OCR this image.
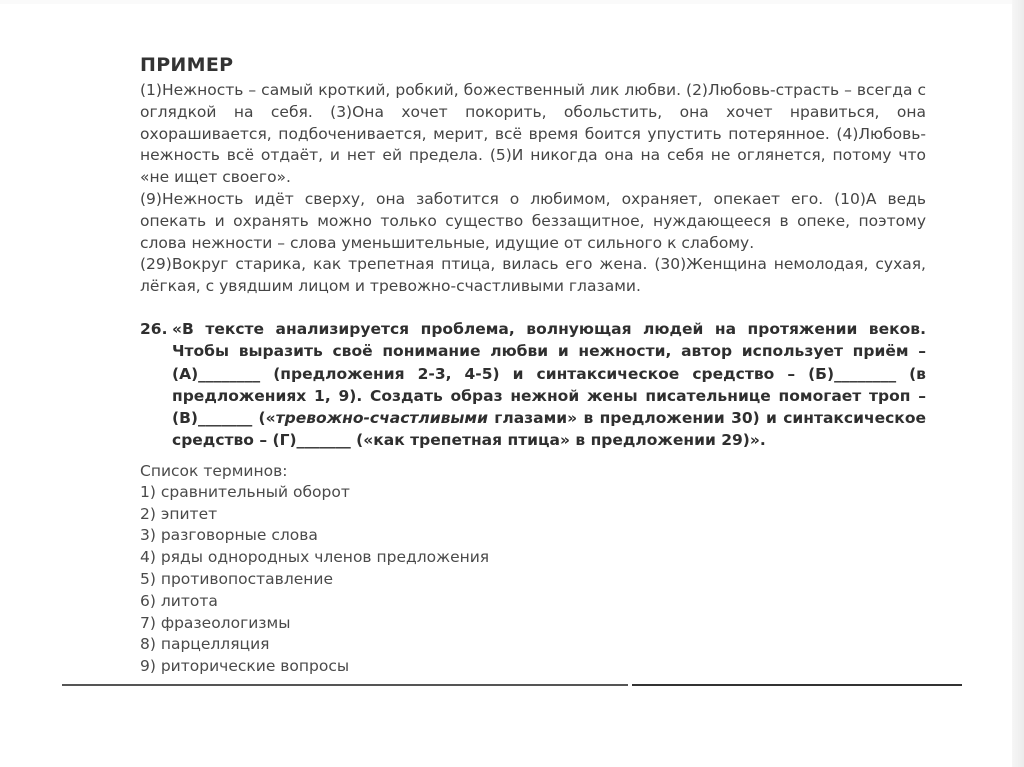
ПРИМЕР

(1)Нежность – самый кроткий, робкий, божественный лик любви. (2)Любовь-страсть – всегда с оглядкой на себя. (3)Она хочет покорить, обольстить, она хочет нравиться, она охорашивается, подбочeнивается, мерит, всё время боится упустить потерянное. (4)Любовь-нежность всё отдаёт, и нет ей предела. (5)И никогда она на себя не оглянется, потому что «не ищет своего».

(9)Нежность идёт сверху, она заботится о любимом, охраняет, опекает его. (10)А ведь опекать и охранять можно только существо беззащитное, нуждающееся в опеке, поэтому слова нежности – слова уменьшительные, идущие от сильного к слабому.

(29)Вокруг старика, как трепетная птица, вилась его жена. (30)Женщина немолодая, сухая, лёгкая, с увядшим лицом и тревожно-счастливыми глазами.

26. «В тексте анализируется проблема, волнующая людей на протяжении веков. Чтобы выразить своё понимание любви и нежности, автор использует приём – (А)________ (предложения 2-3, 4-5) и синтаксическое средство – (Б)________ (в предложениях 1, 9). Создать образ нежной жены писательнице помогает троп – (В)_______ («тревожно-счастливыми глазами» в предложении 30) и синтаксическое средство – (Г)_______ («как трепетная птица» в предложении 29)».
Список терминов:
1) сравнительный оборот
2) эпитет
3) разговорные слова
4) ряды однородных членов предложения
5) противопоставление
6) литота
7) фразеологизмы
8) парцелляция
9) риторические вопросы
